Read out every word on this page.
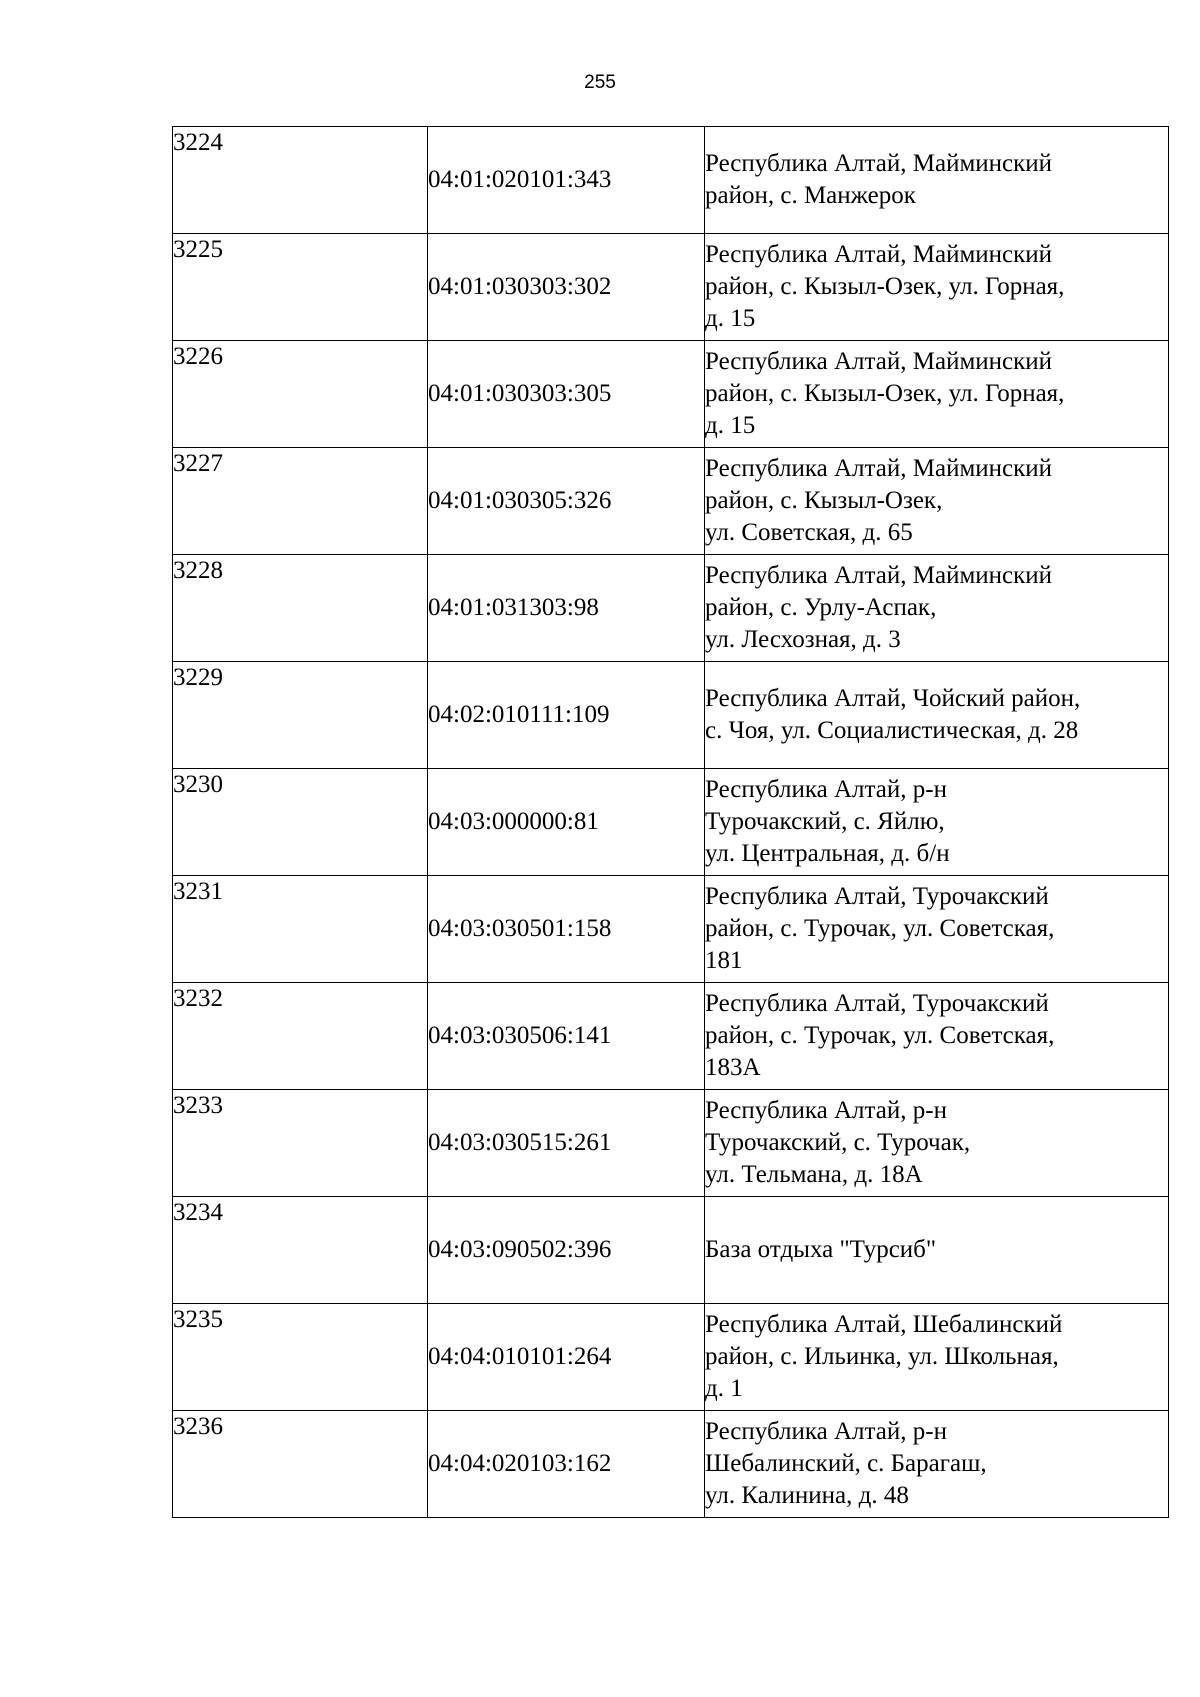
255
3224	04:01:020101:343	Республика Алтай, Майминский
район, с. Манжерок

3225	04:01:030303:302	Республика Алтай, Майминский
район, с. Кызыл-Озек, ул. Горная,
д. 15

3226	04:01:030303:305	Республика Алтай, Майминский
район, с. Кызыл-Озек, ул. Горная,
д. 15

3227	04:01:030305:326	Республика Алтай, Майминский
район, с. Кызыл-Озек,
ул. Советская, д. 65

3228	04:01:031303:98	Республика Алтай, Майминский
район, с. Урлу-Аспак,
ул. Лесхозная, д. 3

3229	04:02:010111:109	Республика Алтай, Чойский район,
с. Чоя, ул. Социалистическая, д. 28

3230	04:03:000000:81	Республика Алтай, р-н
Турочакский, с. Яйлю,
ул. Центральная, д. б/н

3231	04:03:030501:158	Республика Алтай, Турочакский
район, с. Турочак, ул. Советская,
181

3232	04:03:030506:141	Республика Алтай, Турочакский
район, с. Турочак, ул. Советская,
183А

3233	04:03:030515:261	Республика Алтай, р-н
Турочакский, с. Турочак,
ул. Тельмана, д. 18А

3234	04:03:090502:396	База отдыха "Турсиб"

3235	04:04:010101:264	Республика Алтай, Шебалинский
район, с. Ильинка, ул. Школьная,
д. 1

3236	04:04:020103:162	Республика Алтай, р-н
Шебалинский, с. Барагаш,
ул. Калинина, д. 48
